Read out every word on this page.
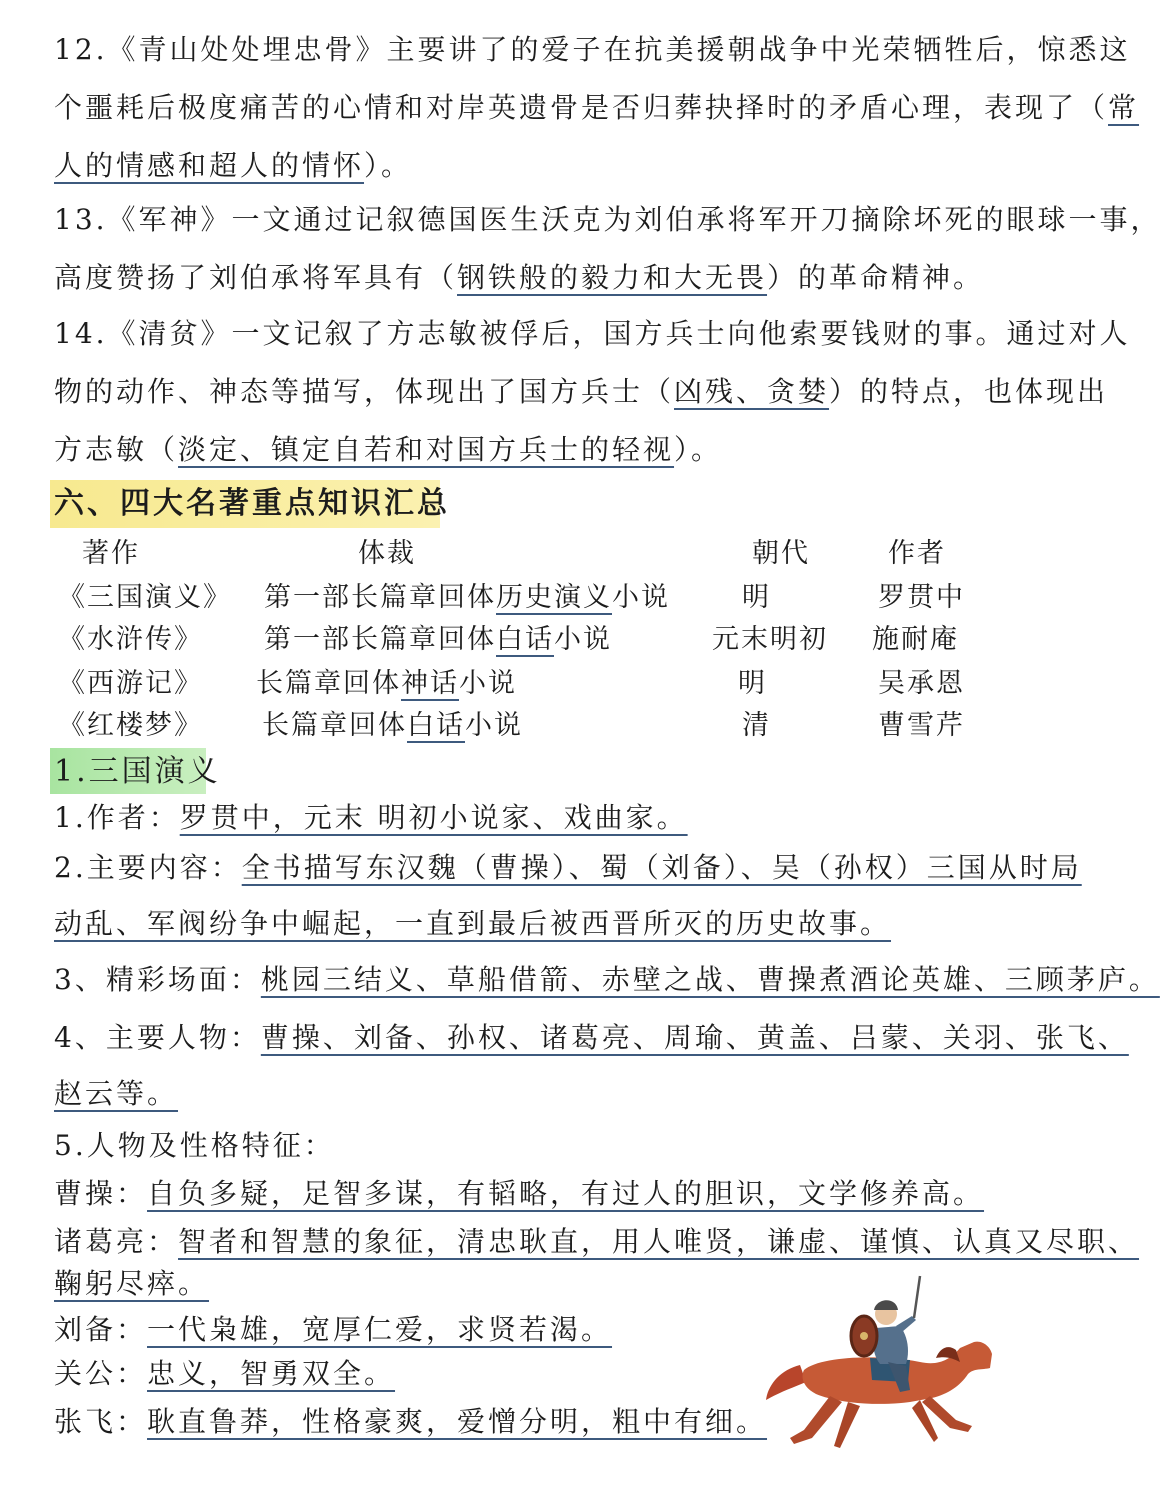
12.《青山处处埋忠骨》主要讲了的爱子在抗美援朝战争中光荣牺牲后，惊悉这
个噩耗后极度痛苦的心情和对岸英遗骨是否归葬抉择时的矛盾心理，表现了（常
人的情感和超人的情怀）。
13.《军神》一文通过记叙德国医生沃克为刘伯承将军开刀摘除坏死的眼球一事，
高度赞扬了刘伯承将军具有（钢铁般的毅力和大无畏）的革命精神。
14.《清贫》一文记叙了方志敏被俘后，国方兵士向他索要钱财的事。通过对人
物的动作、神态等描写，体现出了国方兵士（凶残、贪婪）的特点，也体现出
方志敏（淡定、镇定自若和对国方兵士的轻视）。
六、四大名著重点知识汇总
著作	体裁	朝代	作者
《三国演义》 第一部长篇章回体历史演义小说	明	罗贯中
《水浒传》 第一部长篇章回体白话小说	元末明初 施耐庵
《西游记》 长篇章回体神话小说	明	吴承恩
《红楼梦》 长篇章回体白话小说	清	曹雪芹
1.三国演义
1.作者：罗贯中，元末 明初小说家、戏曲家。
2.主要内容：全书描写东汉魏（曹操）、蜀（刘备）、吴（孙权）三国从时局
动乱、军阀纷争中崛起，一直到最后被西晋所灭的历史故事。
3、精彩场面：桃园三结义、草船借箭、赤壁之战、曹操煮酒论英雄、三顾茅庐。
4、主要人物：曹操、刘备、孙权、诸葛亮、周瑜、黄盖、吕蒙、关羽、张飞、
赵云等。
5.人物及性格特征：
曹操：自负多疑，足智多谋，有韬略，有过人的胆识，文学修养高。
诸葛亮：智者和智慧的象征，清忠耿直，用人唯贤，谦虚、谨慎、认真又尽职、
鞠躬尽瘁。
刘备：一代枭雄，宽厚仁爱，求贤若渴。
关公：忠义，智勇双全。
张飞：耿直鲁莽，性格豪爽，爱憎分明，粗中有细。
